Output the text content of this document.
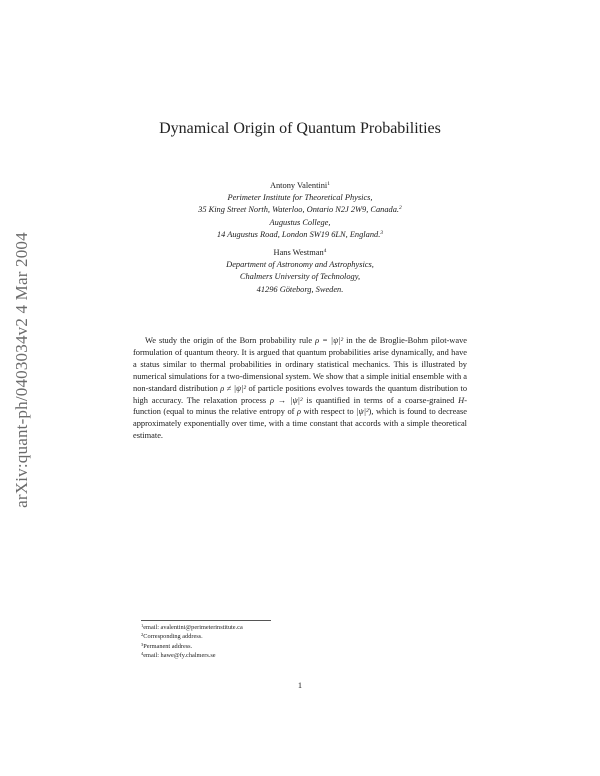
arXiv:quant-ph/0403034v2 4 Mar 2004
Dynamical Origin of Quantum Probabilities
Antony Valentini$^1$
Perimeter Institute for Theoretical Physics,
35 King Street North, Waterloo, Ontario N2J 2W9, Canada.$^2$
Augustus College,
14 Augustus Road, London SW19 6LN, England.$^3$
Hans Westman$^4$
Department of Astronomy and Astrophysics,
Chalmers University of Technology,
41296 Göteborg, Sweden.
We study the origin of the Born probability rule ρ = |ψ|² in the de Broglie-Bohm pilot-wave formulation of quantum theory. It is argued that quantum probabilities arise dynamically, and have a status similar to thermal probabilities in ordinary statistical mechanics. This is illustrated by numerical simulations for a two-dimensional system. We show that a simple initial ensemble with a non-standard distribution ρ ≠ |ψ|² of particle positions evolves towards the quantum distribution to high accuracy. The relaxation process ρ → |ψ|² is quantified in terms of a coarse-grained H-function (equal to minus the relative entropy of ρ with respect to |ψ|²), which is found to decrease approximately exponentially over time, with a time constant that accords with a simple theoretical estimate.
$^1$email: avalentini@perimeterinstitute.ca
$^2$Corresponding address.
$^3$Permanent address.
$^4$email: hawe@fy.chalmers.se
1
